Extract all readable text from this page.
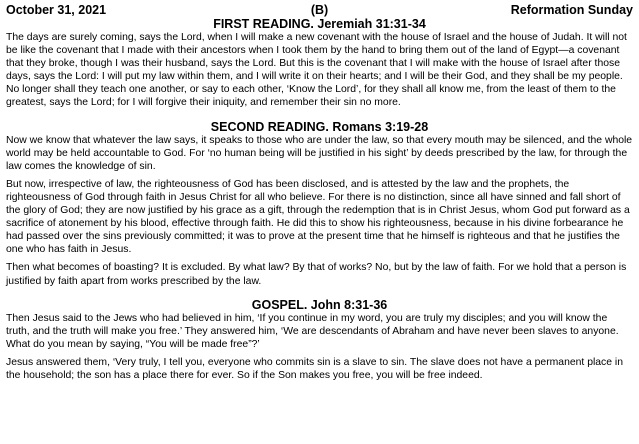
October 31, 2021	(B)	Reformation Sunday
FIRST READING. Jeremiah 31:31-34

The days are surely coming, says the Lord, when I will make a new covenant with the house of Israel and the house of Judah. It will not be like the covenant that I made with their ancestors when I took them by the hand to bring them out of the land of Egypt—a covenant that they broke, though I was their husband, says the Lord. But this is the covenant that I will make with the house of Israel after those days, says the Lord: I will put my law within them, and I will write it on their hearts; and I will be their God, and they shall be my people. No longer shall they teach one another, or say to each other, ‘Know the Lord’, for they shall all know me, from the least of them to the greatest, says the Lord; for I will forgive their iniquity, and remember their sin no more.

SECOND READING. Romans 3:19-28

Now we know that whatever the law says, it speaks to those who are under the law, so that every mouth may be silenced, and the whole world may be held accountable to God. For ‘no human being will be justified in his sight’ by deeds prescribed by the law, for through the law comes the knowledge of sin.

But now, irrespective of law, the righteousness of God has been disclosed, and is attested by the law and the prophets, the righteousness of God through faith in Jesus Christ for all who believe. For there is no distinction, since all have sinned and fall short of the glory of God; they are now justified by his grace as a gift, through the redemption that is in Christ Jesus, whom God put forward as a sacrifice of atonement by his blood, effective through faith. He did this to show his righteousness, because in his divine forbearance he had passed over the sins previously committed; it was to prove at the present time that he himself is righteous and that he justifies the one who has faith in Jesus.

Then what becomes of boasting? It is excluded. By what law? By that of works? No, but by the law of faith. For we hold that a person is justified by faith apart from works prescribed by the law.

GOSPEL. John 8:31-36

Then Jesus said to the Jews who had believed in him, ‘If you continue in my word, you are truly my disciples; and you will know the truth, and the truth will make you free.’ They answered him, ‘We are descendants of Abraham and have never been slaves to anyone. What do you mean by saying, “You will be made free”?’

Jesus answered them, ‘Very truly, I tell you, everyone who commits sin is a slave to sin. The slave does not have a permanent place in the household; the son has a place there for ever. So if the Son makes you free, you will be free indeed.
